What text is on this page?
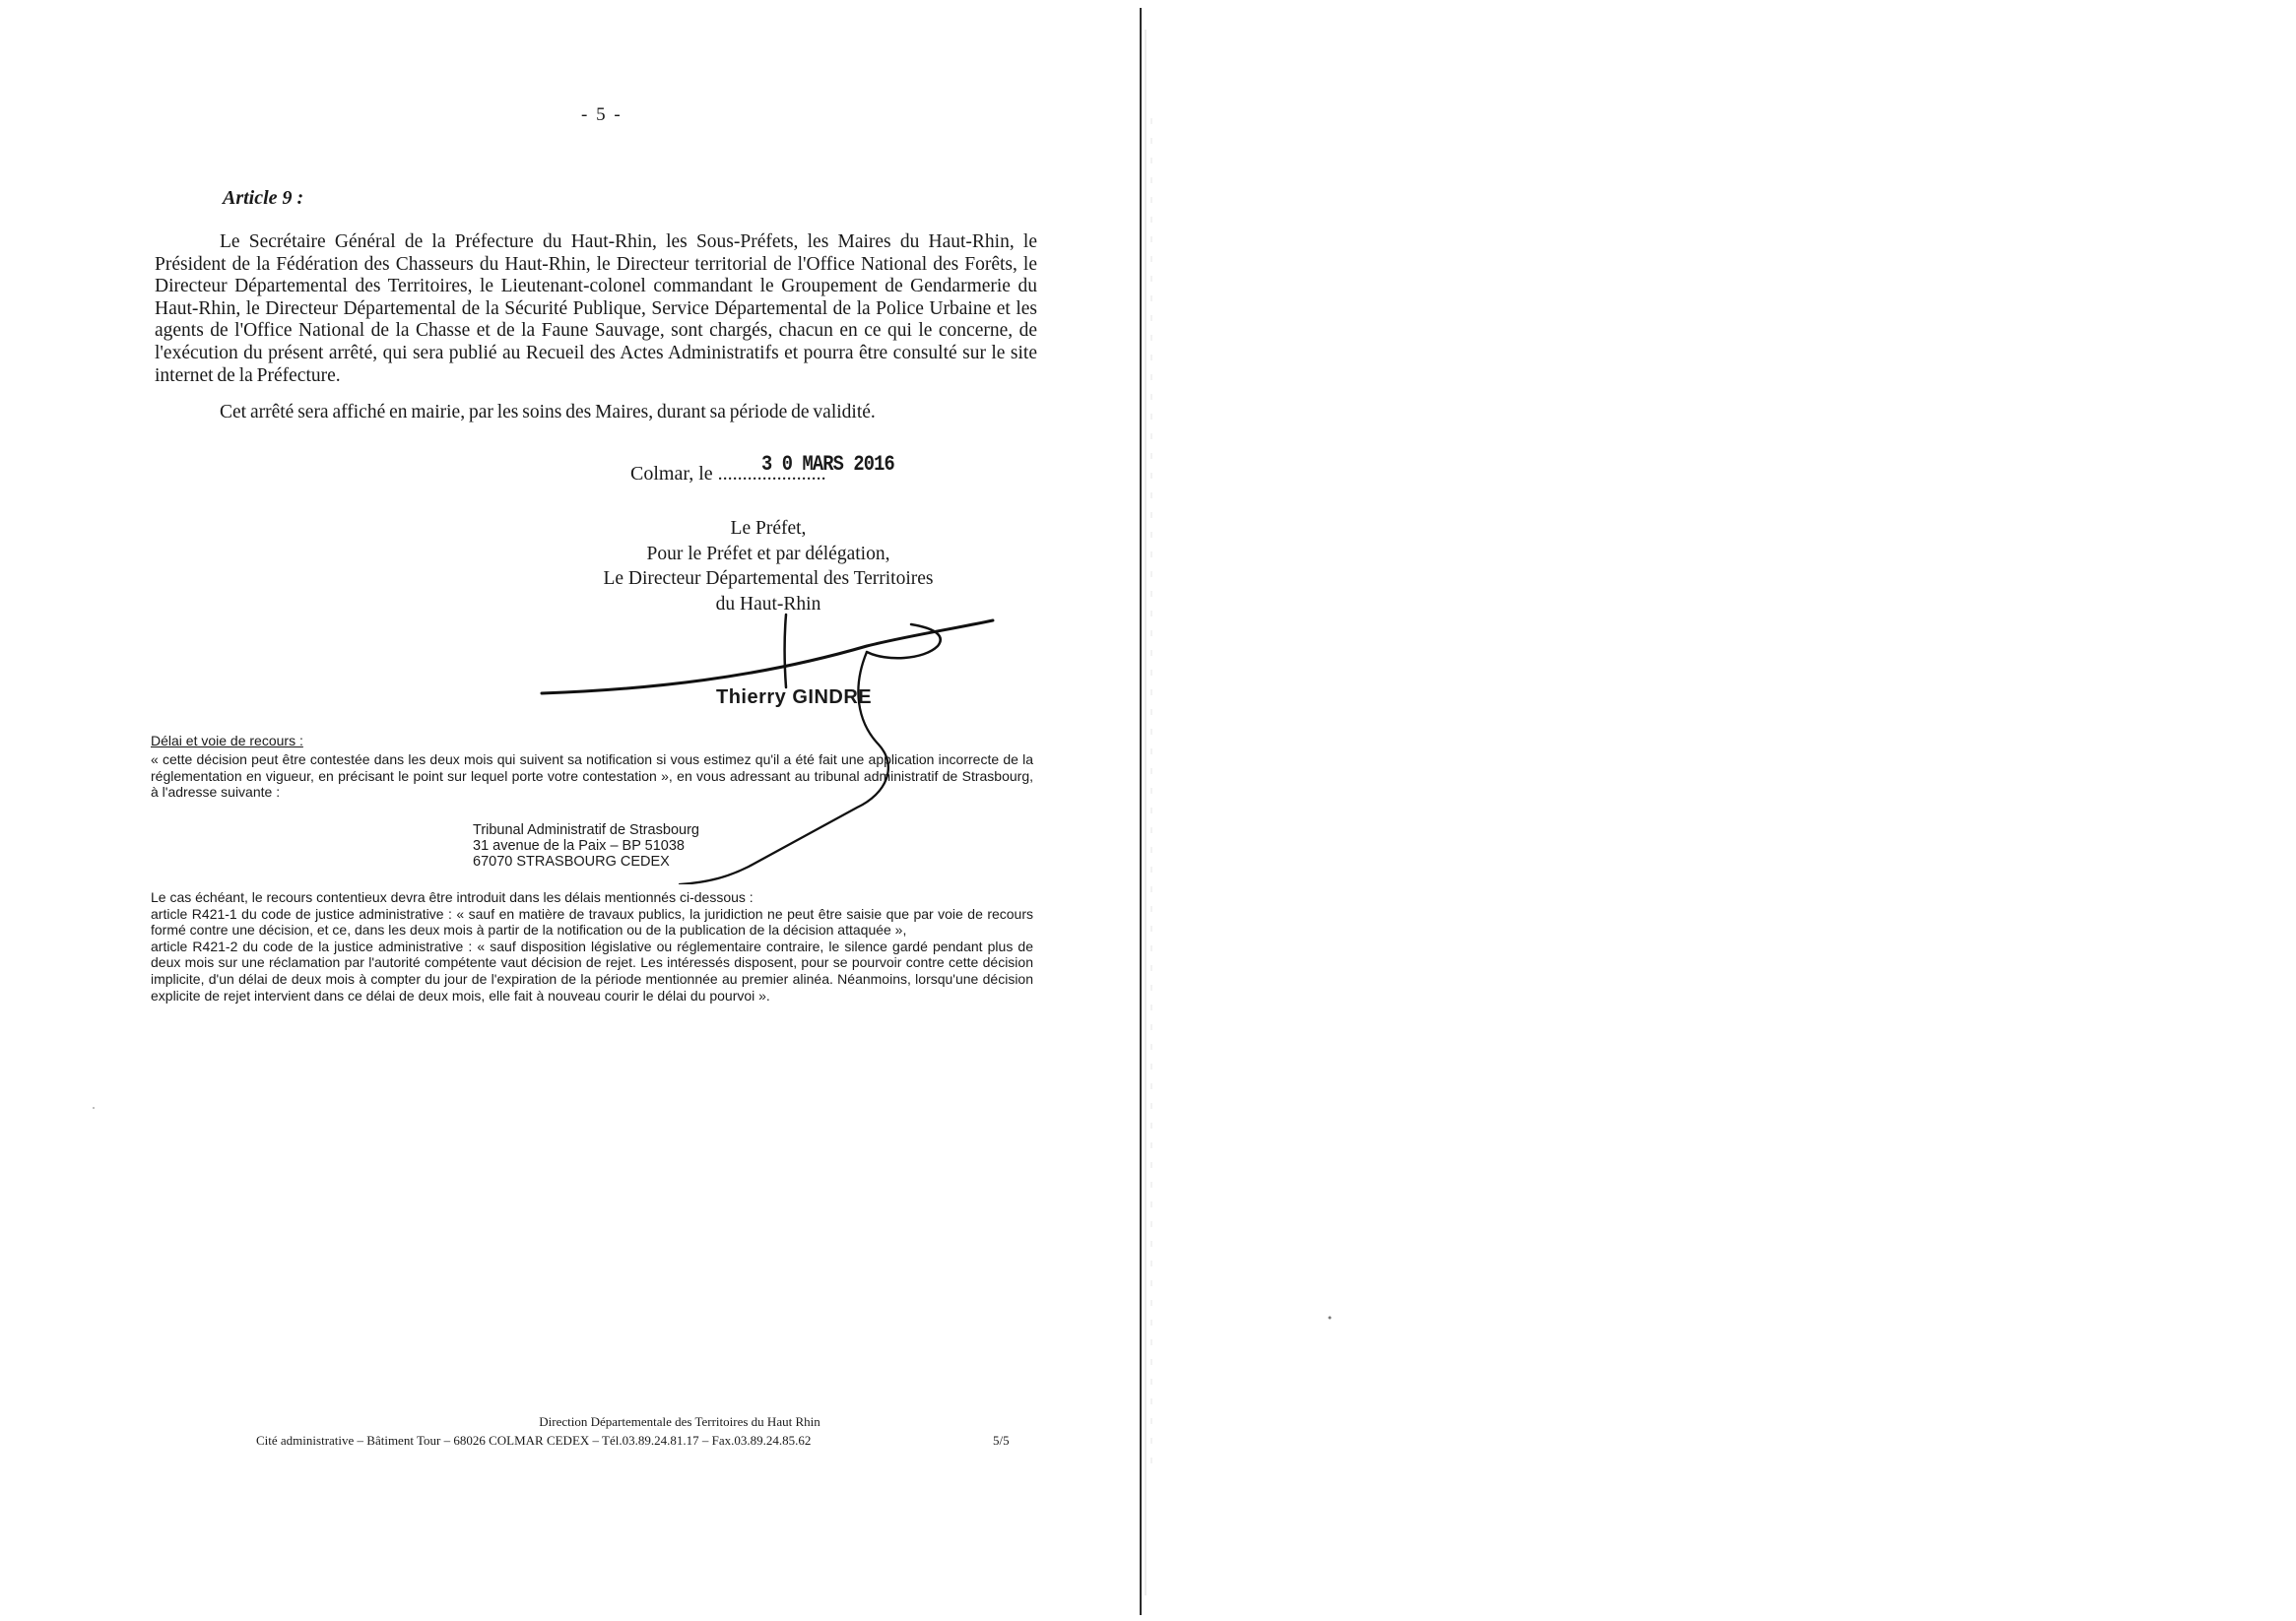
- 5 -
Article 9 :

Le Secrétaire Général de la Préfecture du Haut-Rhin, les Sous-Préfets, les Maires du Haut-Rhin, le Président de la Fédération des Chasseurs du Haut-Rhin, le Directeur territorial de l'Office National des Forêts, le Directeur Départemental des Territoires, le Lieutenant-colonel commandant le Groupement de Gendarmerie du Haut-Rhin, le Directeur Départemental de la Sécurité Publique, Service Départemental de la Police Urbaine et les agents de l'Office National de la Chasse et de la Faune Sauvage, sont chargés, chacun en ce qui le concerne, de l'exécution du présent arrêté, qui sera publié au Recueil des Actes Administratifs et pourra être consulté sur le site internet de la Préfecture.

Cet arrêté sera affiché en mairie, par les soins des Maires, durant sa période de validité.

Colmar, le ......................
3 0 MARS 2016
Le Préfet,
Pour le Préfet et par délégation,
Le Directeur Départemental des Territoires
du Haut-Rhin
Thierry GINDRE
Délai et voie de recours :

« cette décision peut être contestée dans les deux mois qui suivent sa notification si vous estimez qu'il a été fait une application incorrecte de la réglementation en vigueur, en précisant le point sur lequel porte votre contestation », en vous adressant au tribunal administratif de Strasbourg, à l'adresse suivante :

Tribunal Administratif de Strasbourg
31 avenue de la Paix – BP 51038
67070 STRASBOURG CEDEX
Le cas échéant, le recours contentieux devra être introduit dans les délais mentionnés ci-dessous :
article R421-1 du code de justice administrative : « sauf en matière de travaux publics, la juridiction ne peut être saisie que par voie de recours formé contre une décision, et ce, dans les deux mois à partir de la notification ou de la publication de la décision attaquée »,
article R421-2 du code de la justice administrative : « sauf disposition législative ou réglementaire contraire, le silence gardé pendant plus de deux mois sur une réclamation par l'autorité compétente vaut décision de rejet. Les intéressés disposent, pour se pourvoir contre cette décision implicite, d'un délai de deux mois à compter du jour de l'expiration de la période mentionnée au premier alinéa. Néanmoins, lorsqu'une décision explicite de rejet intervient dans ce délai de deux mois, elle fait à nouveau courir le délai du pourvoi ».
Direction Départementale des Territoires du Haut Rhin
Cité administrative – Bâtiment Tour – 68026 COLMAR CEDEX – Tél.03.89.24.81.17 – Fax.03.89.24.85.62	5/5
